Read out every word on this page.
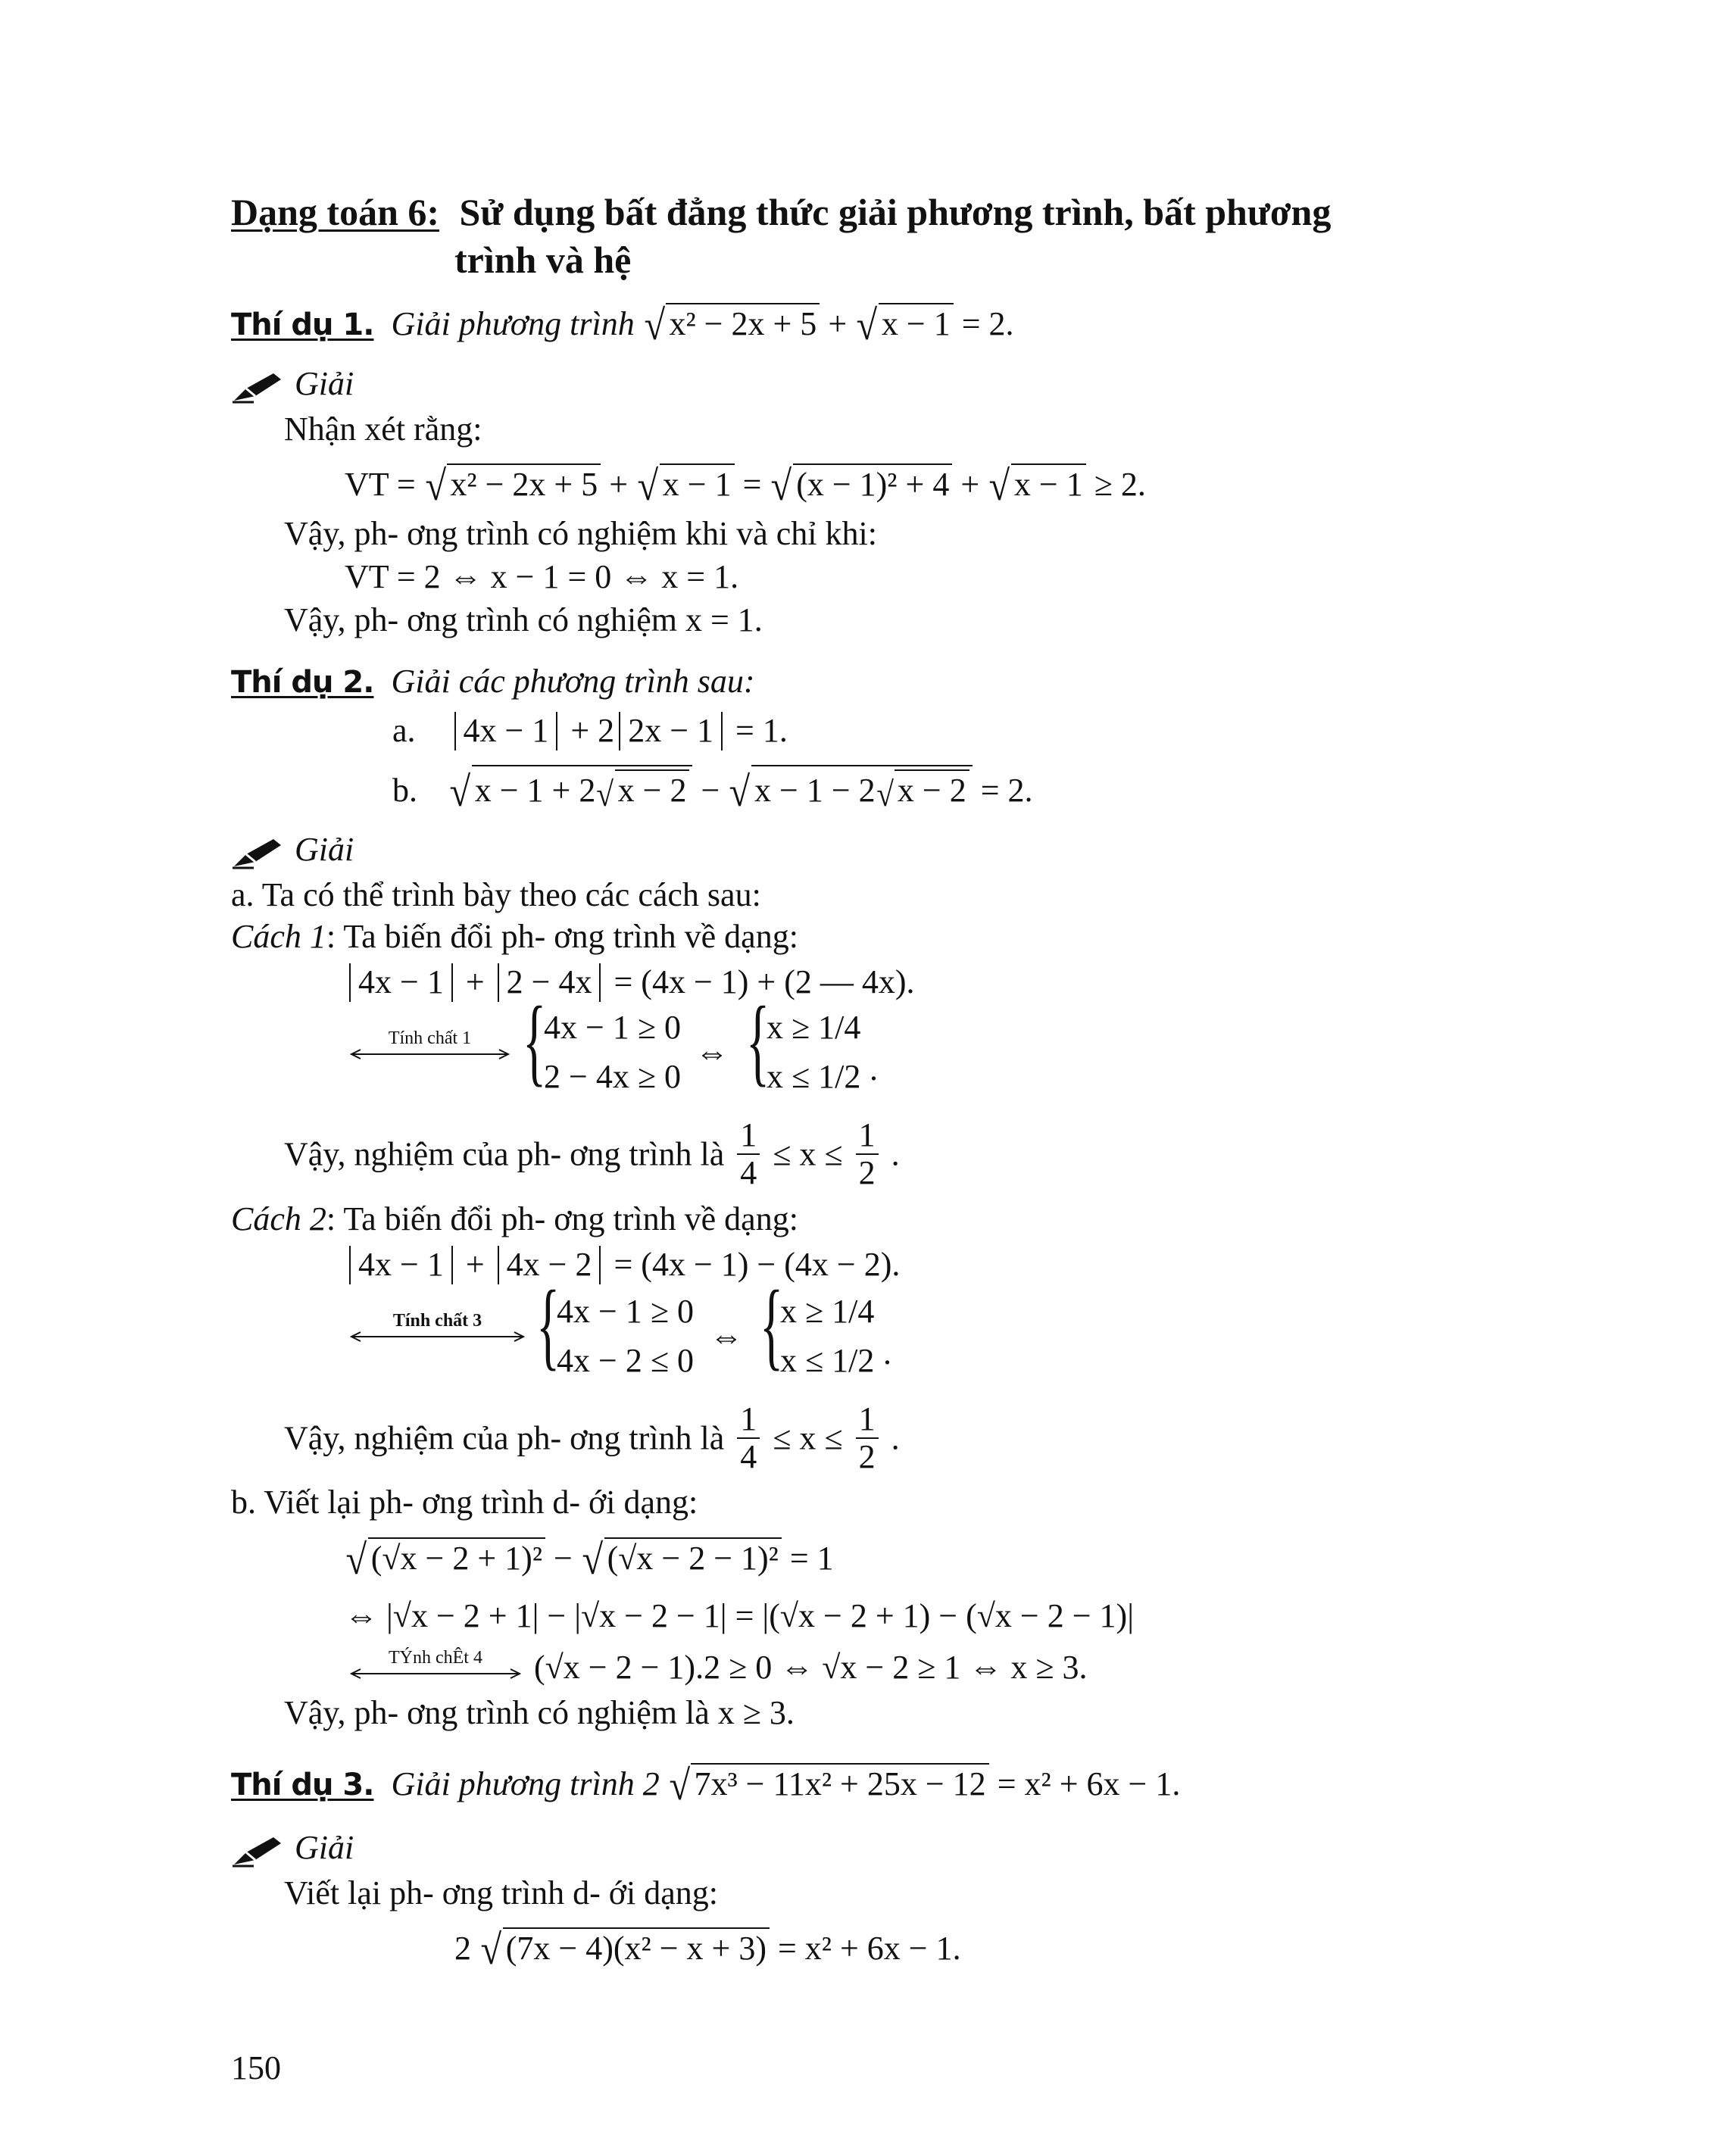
Dạng toán 6: Sử dụng bất đẳng thức giải phương trình, bất phương
trình và hệ
Thí dụ 1. Giải phương trình √ x² − 2x + 5 + √ x − 1 = 2.
Giải
Nhận xét rằng:
VT = √ x² − 2x + 5 + √ x − 1 = √ (x − 1)² + 4 + √ x − 1 ≥ 2.
Vậy, ph- ơng trình có nghiệm khi và chỉ khi:
VT = 2 ⇔ x − 1 = 0 ⇔ x = 1.
Vậy, ph- ơng trình có nghiệm x = 1.
Thí dụ 2. Giải các phương trình sau:
a. 4x − 1 + 2 2x − 1 = 1.
b. √ x − 1 + 2√ x − 2 − √ x − 1 − 2√ x − 2 = 2.
Giải
a. Ta có thể trình bày theo các cách sau:
Cách 1: Ta biến đổi ph- ơng trình về dạng:
4x − 1 + 2 − 4x = (4x − 1) + (2 — 4x).
Tính chất 1 {
4x − 1 ≥ 0
2 − 4x ≥ 0
⇔ {
x ≥ 1/4
x ≤ 1/2 .
Vậy, nghiệm của ph- ơng trình là $\frac{1}{4} \le x \le \frac{1}{2}$ .
Cách 2: Ta biến đổi ph- ơng trình về dạng:
4x − 1 + 4x − 2 = (4x − 1) − (4x − 2).
Tính chất 3 {
4x − 1 ≥ 0
4x − 2 ≤ 0
⇔ {
x ≥ 1/4
x ≤ 1/2 .
Vậy, nghiệm của ph- ơng trình là $\frac{1}{4} \le x \le \frac{1}{2}$ .
b. Viết lại ph- ơng trình d- ới dạng:
√ (√x − 2 + 1)² − √ (√x − 2 − 1)² = 1
⇔ |√x − 2 + 1| − |√x − 2 − 1| = |(√x − 2 + 1) − (√x − 2 − 1)|
TÝnh chÊt 4	(√x − 2 − 1).2 ≥ 0 ⇔ √x − 2 ≥ 1 ⇔ x ≥ 3.
Vậy, ph- ơng trình có nghiệm là x ≥ 3.
Thí dụ 3. Giải phương trình 2 √ 7x³ − 11x² + 25x − 12 = x² + 6x − 1.
Giải
Viết lại ph- ơng trình d- ới dạng:
2 √ (7x − 4)(x² − x + 3) = x² + 6x − 1.
150
